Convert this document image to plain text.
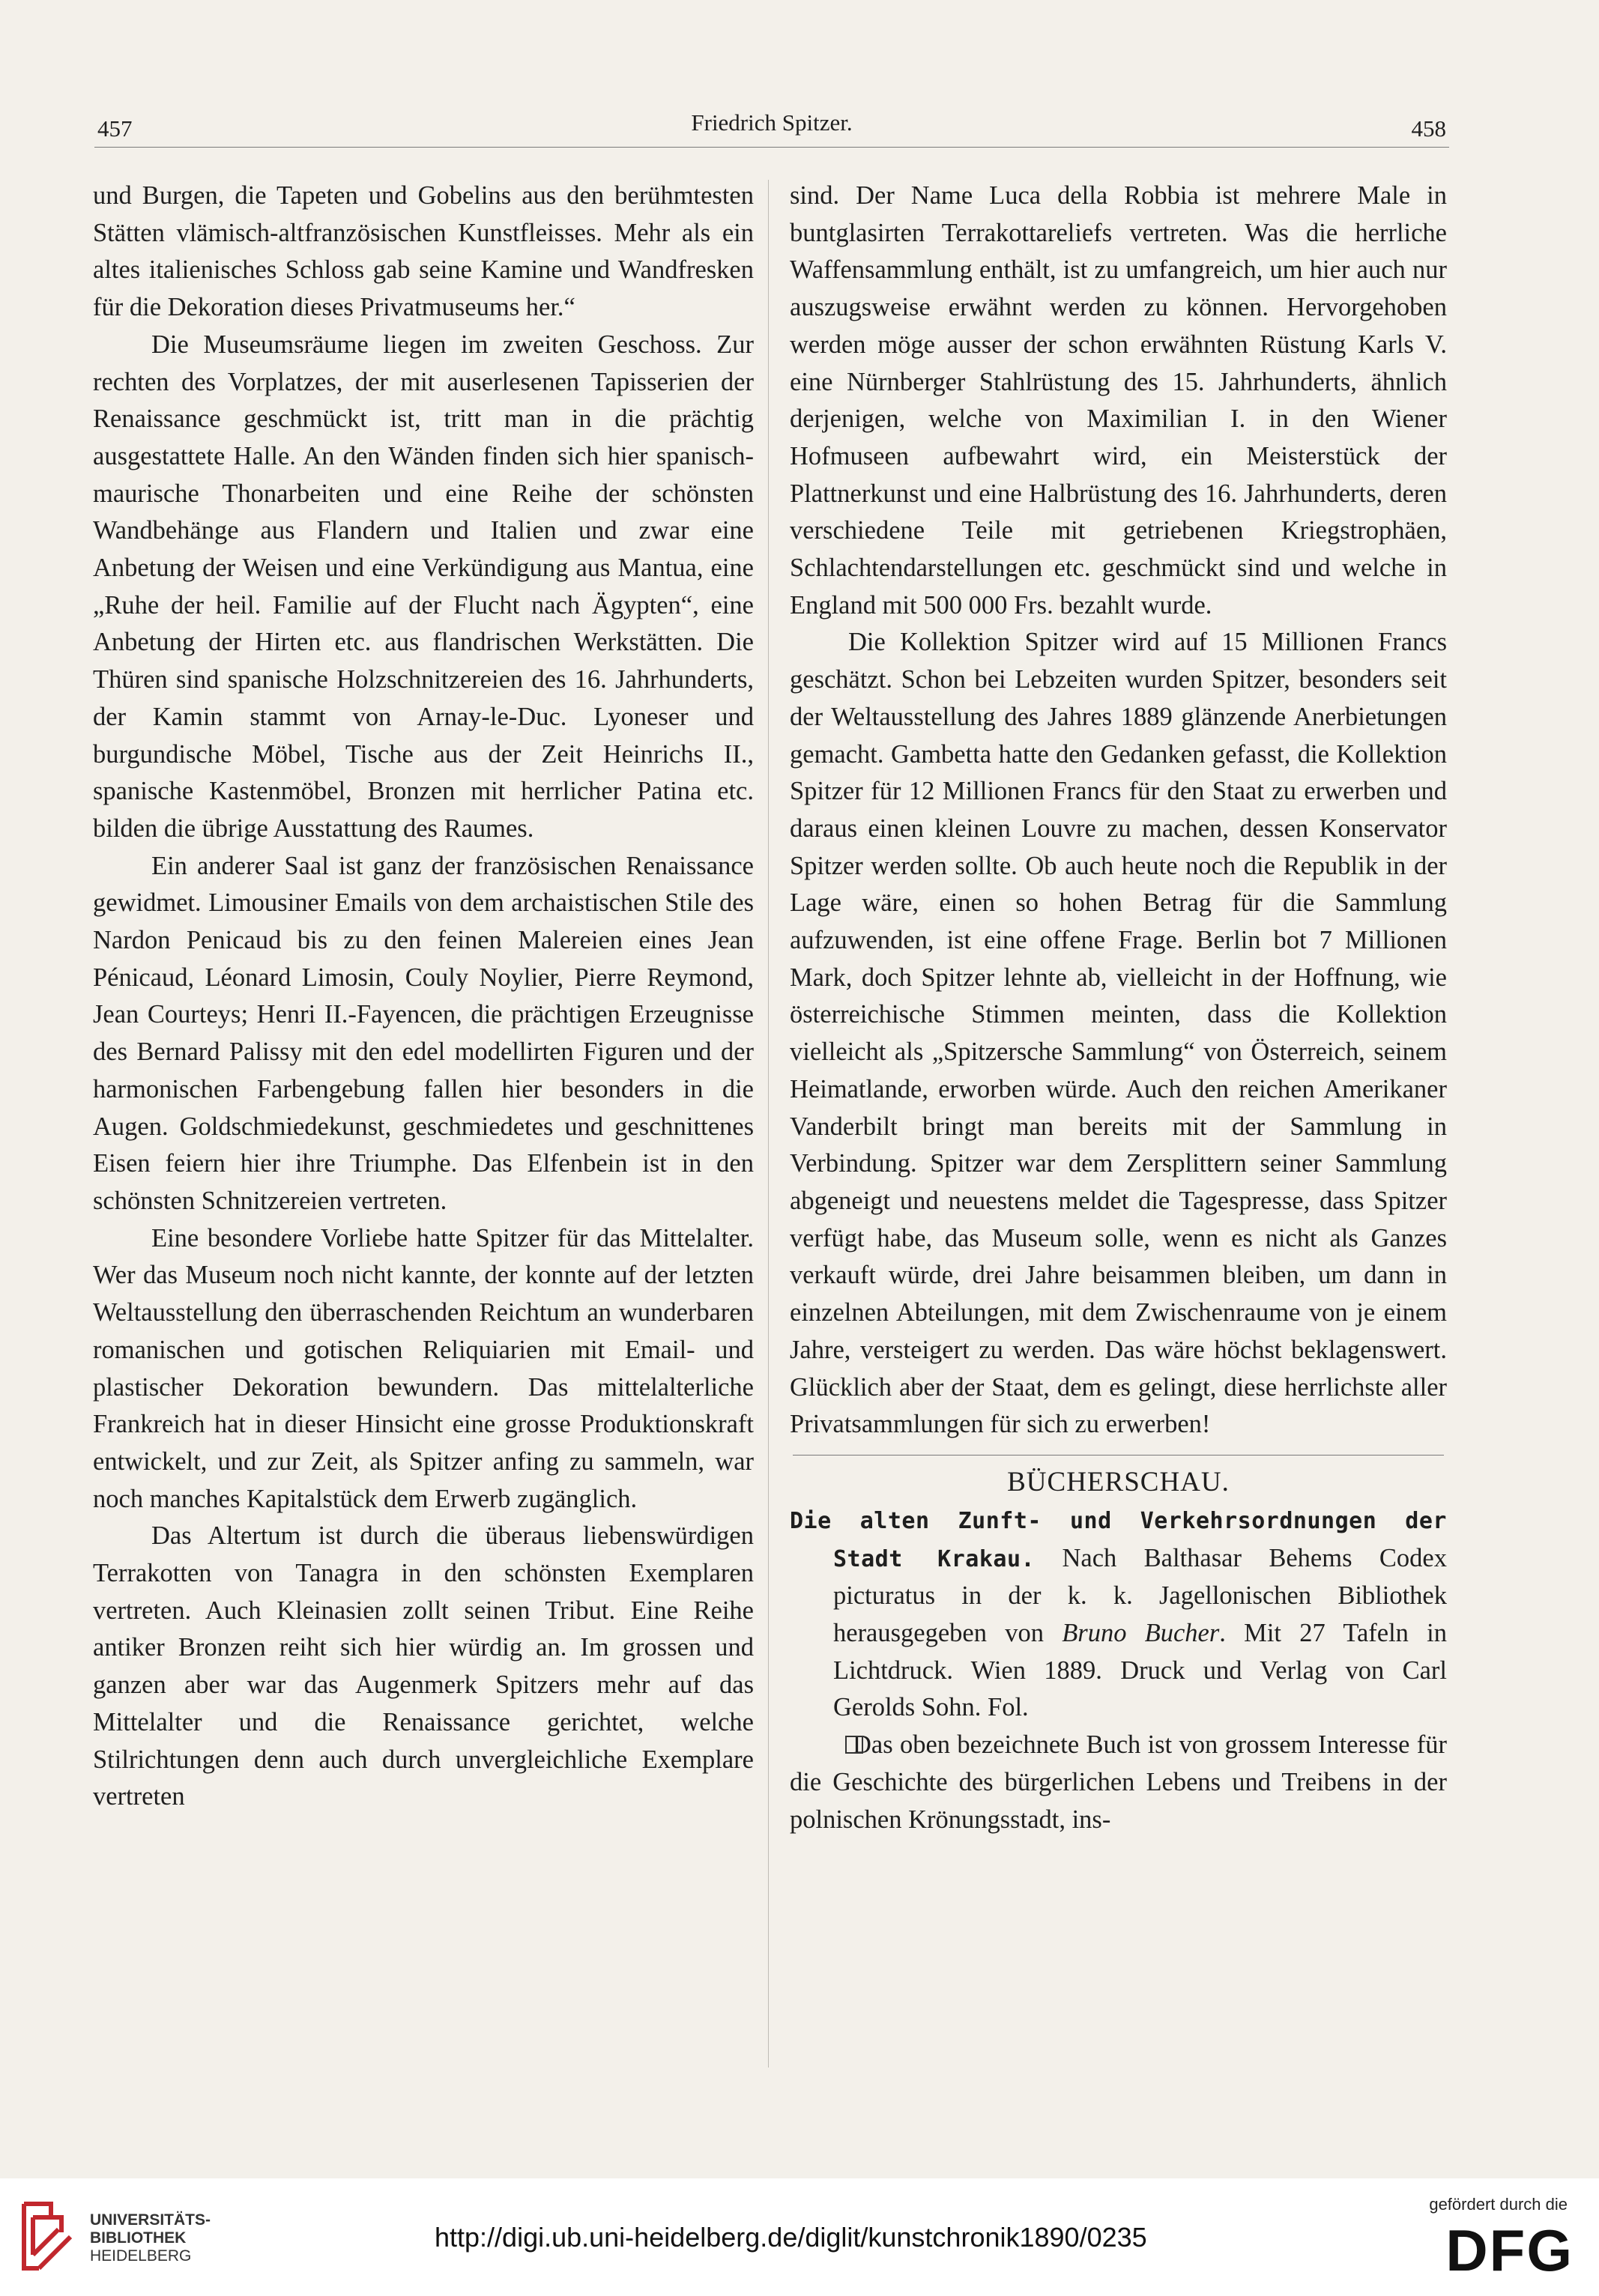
457	Friedrich Spitzer.	458

und Burgen, die Tapeten und Gobelins aus den berühmtesten Stätten vlämisch-altfranzösischen Kunstfleisses. Mehr als ein altes italienisches Schloss gab seine Kamine und Wandfresken für die Dekoration dieses Privatmuseums her.“

Die Museumsräume liegen im zweiten Geschoss. Zur rechten des Vorplatzes, der mit auserlesenen Tapisserien der Renaissance geschmückt ist, tritt man in die prächtig ausgestattete Halle. An den Wänden finden sich hier spanisch-maurische Thonarbeiten und eine Reihe der schönsten Wandbehänge aus Flandern und Italien und zwar eine Anbetung der Weisen und eine Verkündigung aus Mantua, eine „Ruhe der heil. Familie auf der Flucht nach Ägypten“, eine Anbetung der Hirten etc. aus flandrischen Werkstätten. Die Thüren sind spanische Holzschnitzereien des 16. Jahrhunderts, der Kamin stammt von Arnay-le-Duc. Lyoneser und burgundische Möbel, Tische aus der Zeit Heinrichs II., spanische Kastenmöbel, Bronzen mit herrlicher Patina etc. bilden die übrige Ausstattung des Raumes.

Ein anderer Saal ist ganz der französischen Renaissance gewidmet. Limousiner Emails von dem archaistischen Stile des Nardon Penicaud bis zu den feinen Malereien eines Jean Pénicaud, Léonard Limosin, Couly Noylier, Pierre Reymond, Jean Courteys; Henri II.-Fayencen, die prächtigen Erzeugnisse des Bernard Palissy mit den edel modellirten Figuren und der harmonischen Farbengebung fallen hier besonders in die Augen. Goldschmiedekunst, geschmiedetes und geschnittenes Eisen feiern hier ihre Triumphe. Das Elfenbein ist in den schönsten Schnitzereien vertreten.

Eine besondere Vorliebe hatte Spitzer für das Mittelalter. Wer das Museum noch nicht kannte, der konnte auf der letzten Weltausstellung den überraschenden Reichtum an wunderbaren romanischen und gotischen Reliquiarien mit Email- und plastischer Dekoration bewundern. Das mittelalterliche Frankreich hat in dieser Hinsicht eine grosse Produktionskraft entwickelt, und zur Zeit, als Spitzer anfing zu sammeln, war noch manches Kapitalstück dem Erwerb zugänglich.

Das Altertum ist durch die überaus liebenswürdigen Terrakotten von Tanagra in den schönsten Exemplaren vertreten. Auch Kleinasien zollt seinen Tribut. Eine Reihe antiker Bronzen reiht sich hier würdig an. Im grossen und ganzen aber war das Augenmerk Spitzers mehr auf das Mittelalter und die Renaissance gerichtet, welche Stilrichtungen denn auch durch unvergleichliche Exemplare vertreten

sind. Der Name Luca della Robbia ist mehrere Male in buntglasirten Terrakottareliefs vertreten. Was die herrliche Waffensammlung enthält, ist zu umfangreich, um hier auch nur auszugsweise erwähnt werden zu können. Hervorgehoben werden möge ausser der schon erwähnten Rüstung Karls V. eine Nürnberger Stahlrüstung des 15. Jahrhunderts, ähnlich derjenigen, welche von Maximilian I. in den Wiener Hofmuseen aufbewahrt wird, ein Meisterstück der Plattnerkunst und eine Halbrüstung des 16. Jahrhunderts, deren verschiedene Teile mit getriebenen Kriegstrophäen, Schlachtendarstellungen etc. geschmückt sind und welche in England mit 500 000 Frs. bezahlt wurde.

Die Kollektion Spitzer wird auf 15 Millionen Francs geschätzt. Schon bei Lebzeiten wurden Spitzer, besonders seit der Weltausstellung des Jahres 1889 glänzende Anerbietungen gemacht. Gambetta hatte den Gedanken gefasst, die Kollektion Spitzer für 12 Millionen Francs für den Staat zu erwerben und daraus einen kleinen Louvre zu machen, dessen Konservator Spitzer werden sollte. Ob auch heute noch die Republik in der Lage wäre, einen so hohen Betrag für die Sammlung aufzuwenden, ist eine offene Frage. Berlin bot 7 Millionen Mark, doch Spitzer lehnte ab, vielleicht in der Hoffnung, wie österreichische Stimmen meinten, dass die Kollektion vielleicht als „Spitzersche Sammlung“ von Österreich, seinem Heimatlande, erworben würde. Auch den reichen Amerikaner Vanderbilt bringt man bereits mit der Sammlung in Verbindung. Spitzer war dem Zersplittern seiner Sammlung abgeneigt und neuestens meldet die Tagespresse, dass Spitzer verfügt habe, das Museum solle, wenn es nicht als Ganzes verkauft würde, drei Jahre beisammen bleiben, um dann in einzelnen Abteilungen, mit dem Zwischenraume von je einem Jahre, versteigert zu werden. Das wäre höchst beklagenswert. Glücklich aber der Staat, dem es gelingt, diese herrlichste aller Privatsammlungen für sich zu erwerben!

BÜCHERSCHAU.

Die alten Zunft- und Verkehrsordnungen der Stadt Krakau. Nach Balthasar Behems Codex picturatus in der k. k. Jagellonischen Bibliothek herausgegeben von Bruno Bucher. Mit 27 Tafeln in Lichtdruck. Wien 1889. Druck und Verlag von Carl Gerolds Sohn. Fol.

Das oben bezeichnete Buch ist von grossem Interesse für die Geschichte des bürgerlichen Lebens und Treibens in der polnischen Krönungsstadt, ins-

UNIVERSITÄTS-
BIBLIOTHEK
HEIDELBERG
http://digi.ub.uni-heidelberg.de/diglit/kunstchronik1890/0235
gefördert durch die
DFG
